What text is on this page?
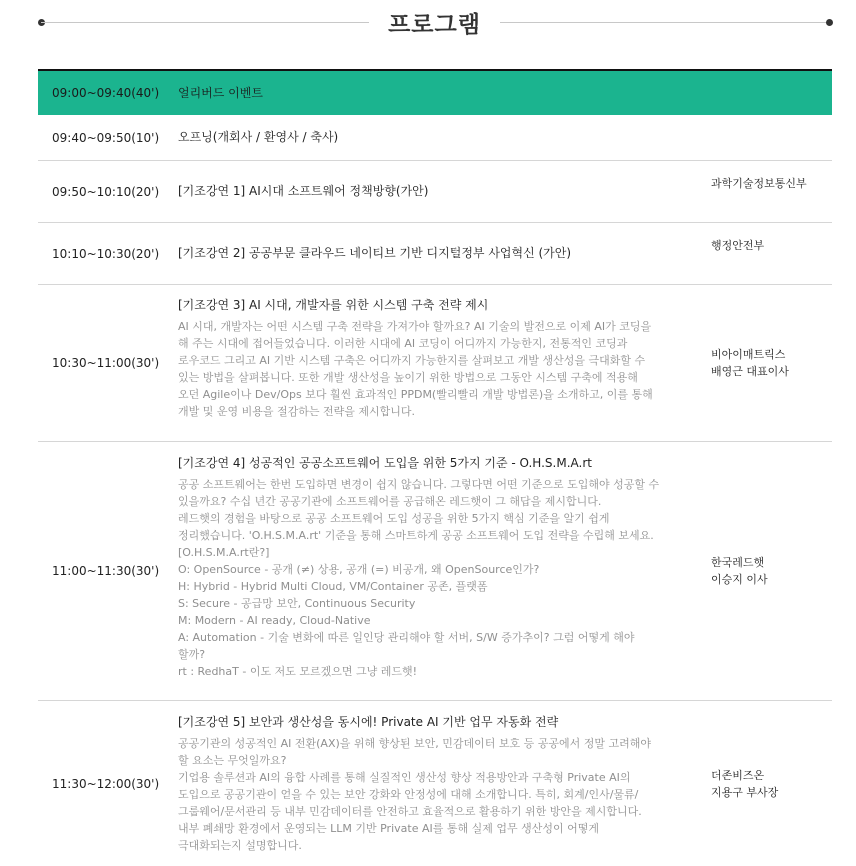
프로그램
09:00~09:40(40') 얼리버드 이벤트
09:40~09:50(10') 오프닝(개회사 / 환영사 / 축사)
09:50~10:10(20') [기조강연 1] AI시대 소프트웨어 정책방향(가안)
과학기술정보통신부
10:10~10:30(20') [기조강연 2] 공공부문 클라우드 네이티브 기반 디지털정부 사업혁신 (가안)
행정안전부
10:30~11:00(30')
[기조강연 3] AI 시대, 개발자를 위한 시스템 구축 전략 제시
AI 시대, 개발자는 어떤 시스템 구축 전략을 가져가야 할까요? AI 기술의 발전으로 이제 AI가 코딩을
해 주는 시대에 접어들었습니다. 이러한 시대에 AI 코딩이 어디까지 가능한지, 전통적인 코딩과
로우코드 그리고 AI 기반 시스템 구축은 어디까지 가능한지를 살펴보고 개발 생산성을 극대화할 수
있는 방법을 살펴봅니다. 또한 개발 생산성을 높이기 위한 방법으로 그동안 시스템 구축에 적용해
오던 Agile이나 Dev/Ops 보다 훨씬 효과적인 PPDM(빨리빨리 개발 방법론)을 소개하고, 이를 통해
개발 및 운영 비용을 절감하는 전략을 제시합니다.
비아이매트릭스
배영근 대표이사
11:00~11:30(30')
[기조강연 4] 성공적인 공공소프트웨어 도입을 위한 5가지 기준 - O.H.S.M.A.rt
공공 소프트웨어는 한번 도입하면 변경이 쉽지 않습니다. 그렇다면 어떤 기준으로 도입해야 성공할 수
있을까요? 수십 년간 공공기관에 소프트웨어를 공급해온 레드햇이 그 해답을 제시합니다.
레드햇의 경험을 바탕으로 공공 소프트웨어 도입 성공을 위한 5가지 핵심 기준을 알기 쉽게
정리했습니다. 'O.H.S.M.A.rt' 기준을 통해 스마트하게 공공 소프트웨어 도입 전략을 수립해 보세요.
[O.H.S.M.A.rt란?]
O: OpenSource - 공개 (≠) 상용, 공개 (=) 비공개, 왜 OpenSource인가?
H: Hybrid - Hybrid Multi Cloud, VM/Container 공존, 플랫폼
S: Secure - 공급망 보안, Continuous Security
M: Modern - AI ready, Cloud-Native
A: Automation - 기술 변화에 따른 일인당 관리해야 할 서버, S/W 증가추이? 그럼 어떻게 해야
할까?
rt : RedhaT - 이도 저도 모르겠으면 그냥 레드햇!
한국레드햇
이승지 이사
11:30~12:00(30')
[기조강연 5] 보안과 생산성을 동시에! Private AI 기반 업무 자동화 전략
공공기관의 성공적인 AI 전환(AX)을 위해 향상된 보안, 민감데이터 보호 등 공공에서 정말 고려해야
할 요소는 무엇일까요?
기업용 솔루션과 AI의 융합 사례를 통해 실질적인 생산성 향상 적용방안과 구축형 Private AI의
도입으로 공공기관이 얻을 수 있는 보안 강화와 안정성에 대해 소개합니다. 특히, 회계/인사/물류/
그룹웨어/문서관리 등 내부 민감데이터를 안전하고 효율적으로 활용하기 위한 방안을 제시합니다.
내부 폐쇄망 환경에서 운영되는 LLM 기반 Private AI를 통해 실제 업무 생산성이 어떻게
극대화되는지 설명합니다.
더존비즈온
지용구 부사장
